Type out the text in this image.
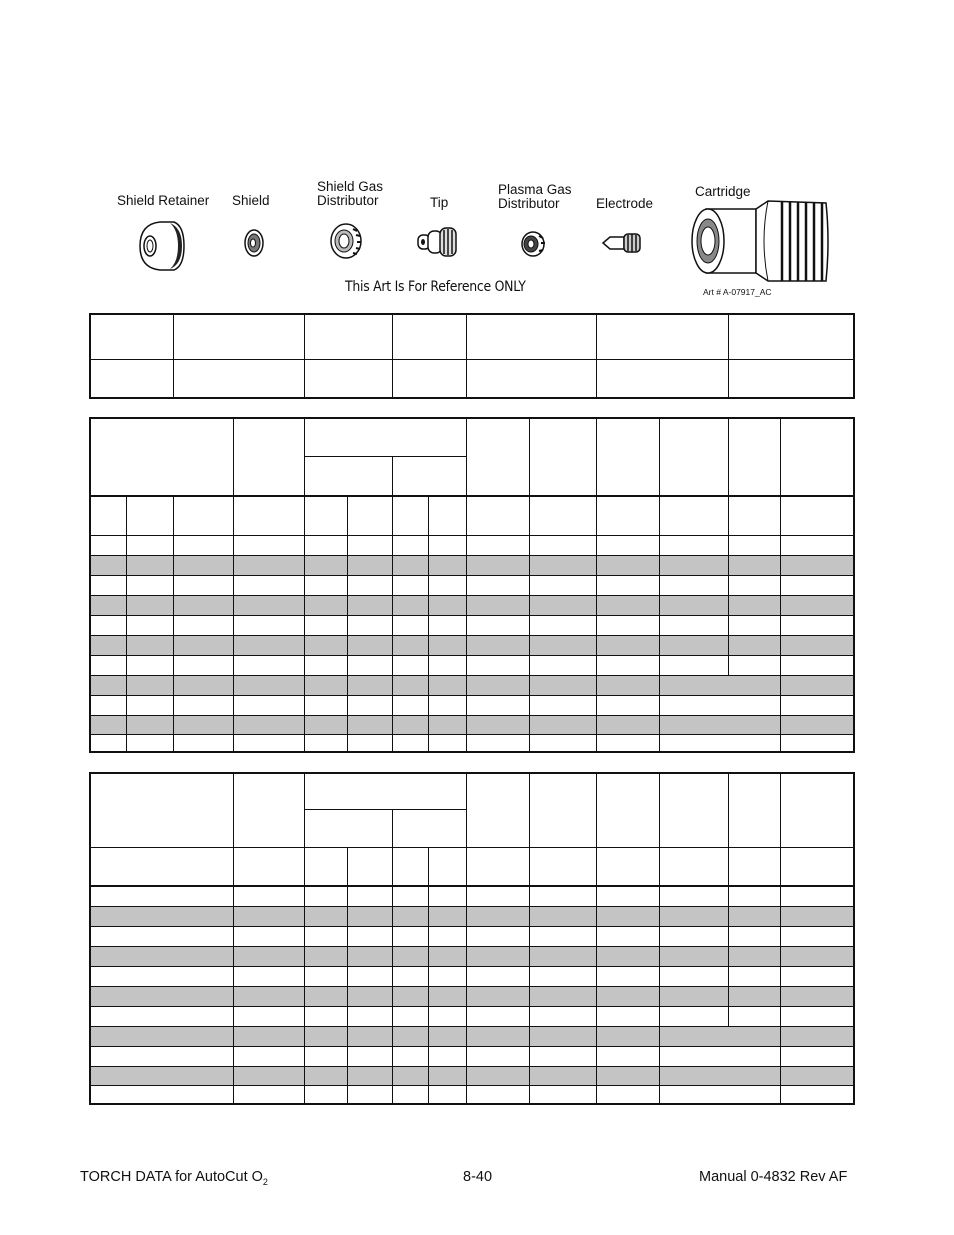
Shield Retainer Shield
Shield Gas
Distributor	Tip
Plasma Gas
Distributor	Electrode
Cartridge
This Art Is For Reference ONLY	Art # A-07917_AC
TORCH DATA for AutoCut $O_2$	8-40	Manual 0-4832 Rev AF
